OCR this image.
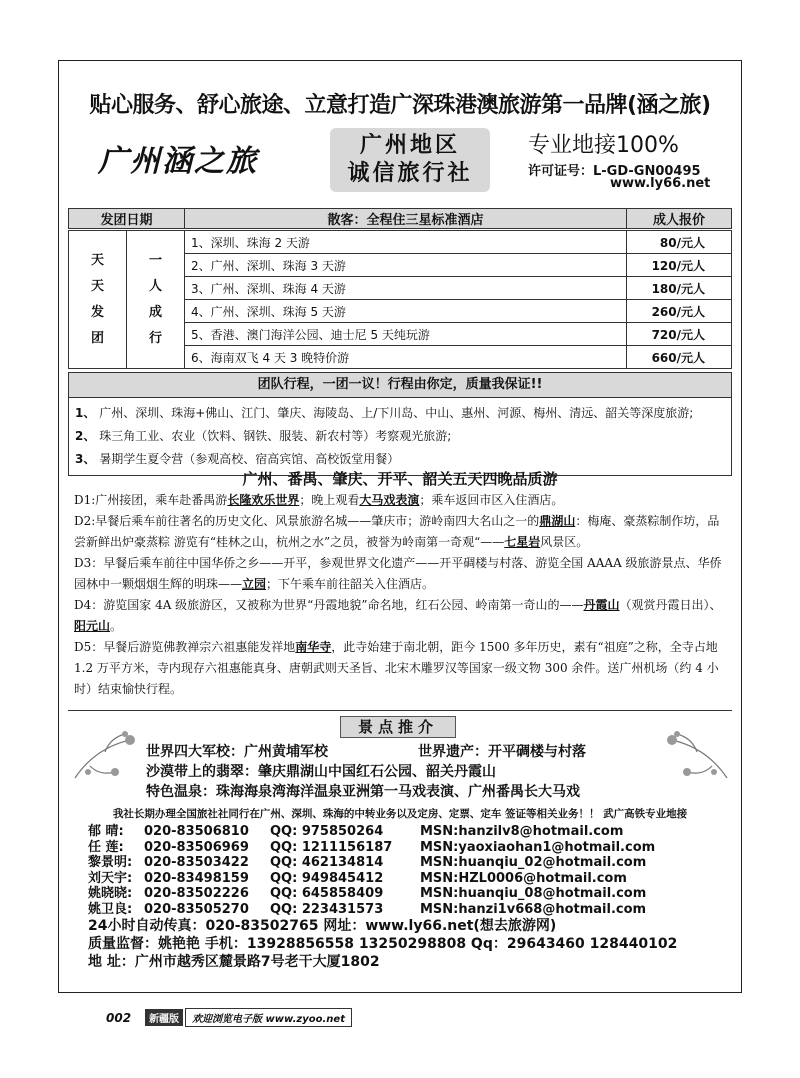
贴心服务、舒心旅途、立意打造广深珠港澳旅游第一品牌(涵之旅)
广州涵之旅	广州地区
诚信旅行社
专业地接100%
许可证号：L-GD-GN00495
www.ly66.net
发团日期	散客：全程住三星标准酒店	成人报价
天
天
发
团	一
人
成
行	1、深圳、珠海 2 天游	80/元人
		2、广州、深圳、珠海 3 天游	120/元人
		3、广州、深圳、珠海 4 天游	180/元人
		4、广州、深圳、珠海 5 天游	260/元人
		5、香港、澳门海洋公园、迪士尼 5 天纯玩游	720/元人
		6、海南双飞 4 天 3 晚特价游	660/元人
团队行程，一团一议！行程由你定，质量我保证!!
1、 广州、深圳、珠海+佛山、江门、肇庆、海陵岛、上/下川岛、中山、惠州、河源、梅州、清远、韶关等深度旅游;
2、 珠三角工业、农业（饮料、钢铁、服装、新农村等）考察观光旅游;
3、 暑期学生夏令营（参观高校、宿高宾馆、高校饭堂用餐）
广州、番禺、肇庆、开平、韶关五天四晚品质游

D1:广州接团，乘车赴番禺游长隆欢乐世界；晚上观看大马戏表演；乘车返回市区入住酒店。

D2:早餐后乘车前往著名的历史文化、风景旅游名城——肇庆市；游岭南四大名山之一的鼎湖山：梅庵、豪蒸粽制作坊，品尝新鲜出炉豪蒸粽 游览有“桂林之山，杭州之水”之员，被誉为岭南第一奇观“——七星岩风景区。

D3：早餐后乘车前往中国华侨之乡——开平，参观世界文化遗产——开平碉楼与村落、游览全国 AAAA 级旅游景点、华侨园林中一颗烟烟生辉的明珠——立园；下午乘车前往韶关入住酒店。

D4：游览国家 4A 级旅游区，又被称为世界“丹霞地貌”命名地，红石公园、岭南第一奇山的——丹霞山（观赏丹霞日出）、阳元山。

D5：早餐后游览佛教禅宗六祖惠能发祥地南华寺，此寺始建于南北朝，距今 1500 多年历史，素有“祖庭”之称，全寺占地 1.2 万平方米，寺内现存六祖惠能真身、唐朝武则天圣旨、北宋木雕罗汉等国家一级文物 300 余件。送广州机场（约 4 小时）结束愉快行程。

景点推介
世界四大军校：广州黄埔军校	世界遗产：开平碉楼与村落
沙漠带上的翡翠：肇庆鼎湖山中国红石公园、韶关丹霞山
特色温泉：珠海海泉湾海洋温泉亚洲第一马戏表演、广州番禺长大马戏
我社长期办理全国旅社社同行在广州、深圳、珠海的中转业务以及定房、定票、定车 签证等相关业务！！ 武广高铁专业地接
郁 晴:	020-83506810	QQ: 975850264	MSN:hanzilv8@hotmail.com
任 莲:	020-83506969	QQ: 1211156187	MSN:yaoxiaohan1@hotmail.com
黎景明: 020-83503422	QQ: 462134814	MSN:huanqiu_02@hotmail.com
刘天宇: 020-83498159	QQ: 949845412	MSN:HZL0006@hotmail.com
姚晓晓: 020-83502226	QQ: 645858409	MSN:huanqiu_08@hotmail.com
姚卫良: 020-83505270	QQ: 223431573	MSN:hanzi1v668@hotmail.com
24小时自动传真：020-83502765 网址：www.ly66.net(想去旅游网)
质量监督：姚艳艳 手机：13928856558 13250298808 Qq：29643460 128440102
地 址：广州市越秀区麓景路7号老干大厦1802
002	新疆版	欢迎浏览电子版 www.zyoo.net
